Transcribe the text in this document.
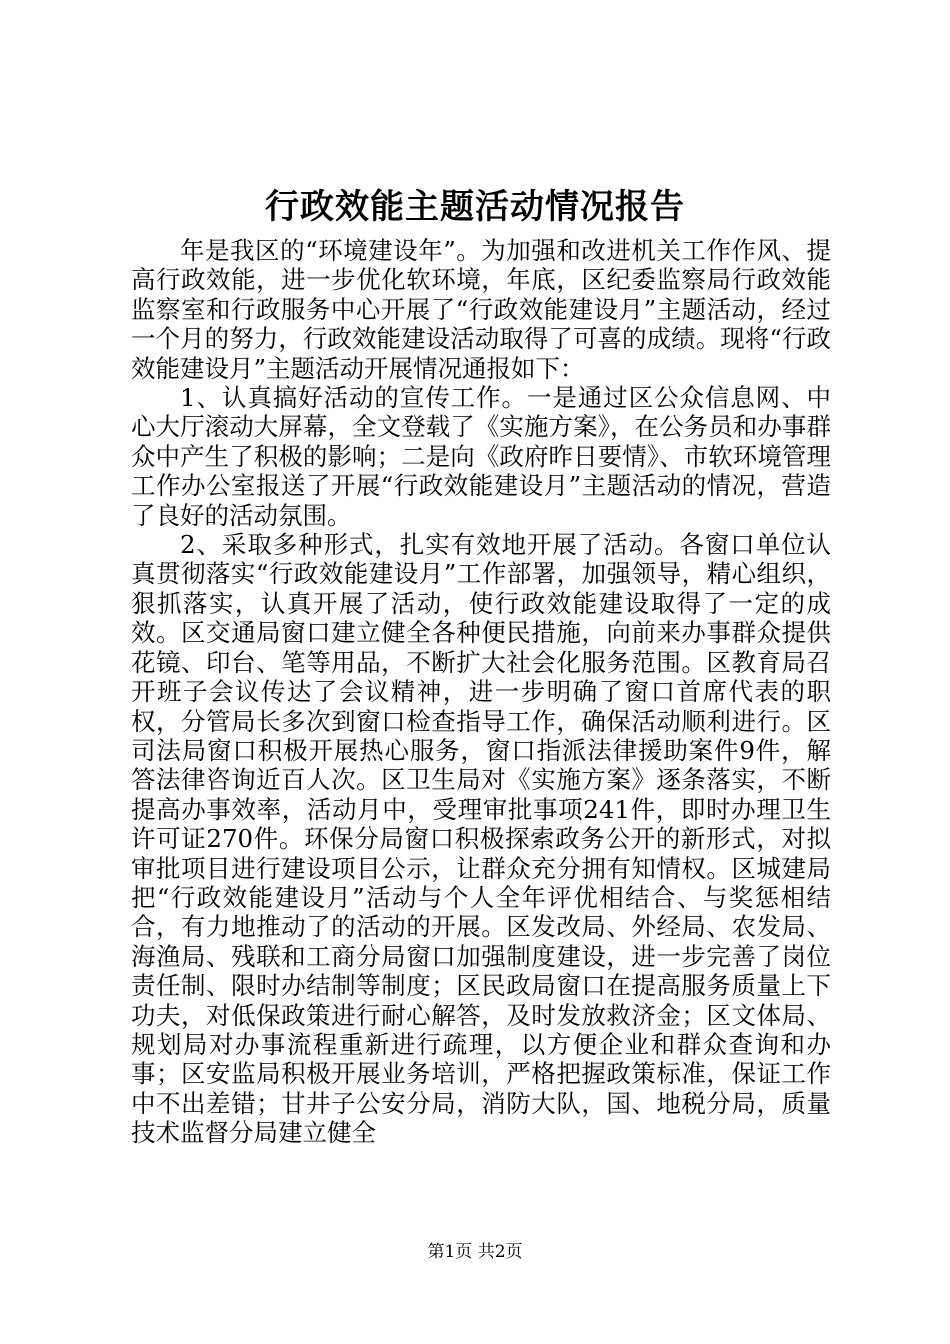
行政效能主题活动情况报告

年是我区的“环境建设年”。为加强和改进机关工作作风、提高行政效能，进一步优化软环境，年底，区纪委监察局行政效能监察室和行政服务中心开展了“行政效能建设月”主题活动，经过一个月的努力，行政效能建设活动取得了可喜的成绩。现将“行政效能建设月”主题活动开展情况通报如下：

1、认真搞好活动的宣传工作。一是通过区公众信息网、中心大厅滚动大屏幕，全文登载了《实施方案》，在公务员和办事群众中产生了积极的影响；二是向《政府昨日要情》、市软环境管理工作办公室报送了开展“行政效能建设月”主题活动的情况，营造了良好的活动氛围。

2、采取多种形式，扎实有效地开展了活动。各窗口单位认真贯彻落实“行政效能建设月”工作部署，加强领导，精心组织，狠抓落实，认真开展了活动，使行政效能建设取得了一定的成效。区交通局窗口建立健全各种便民措施，向前来办事群众提供花镜、印台、笔等用品，不断扩大社会化服务范围。区教育局召开班子会议传达了会议精神，进一步明确了窗口首席代表的职权，分管局长多次到窗口检查指导工作，确保活动顺利进行。区司法局窗口积极开展热心服务，窗口指派法律援助案件9件，解答法律咨询近百人次。区卫生局对《实施方案》逐条落实，不断提高办事效率，活动月中，受理审批事项241件，即时办理卫生许可证270件。环保分局窗口积极探索政务公开的新形式，对拟审批项目进行建设项目公示，让群众充分拥有知情权。区城建局把“行政效能建设月”活动与个人全年评优相结合、与奖惩相结合，有力地推动了的活动的开展。区发改局、外经局、农发局、海渔局、残联和工商分局窗口加强制度建设，进一步完善了岗位责任制、限时办结制等制度；区民政局窗口在提高服务质量上下功夫，对低保政策进行耐心解答，及时发放救济金；区文体局、规划局对办事流程重新进行疏理，以方便企业和群众查询和办事；区安监局积极开展业务培训，严格把握政策标准，保证工作中不出差错；甘井子公安分局，消防大队，国、地税分局，质量技术监督分局建立健全

第1页 共2页
